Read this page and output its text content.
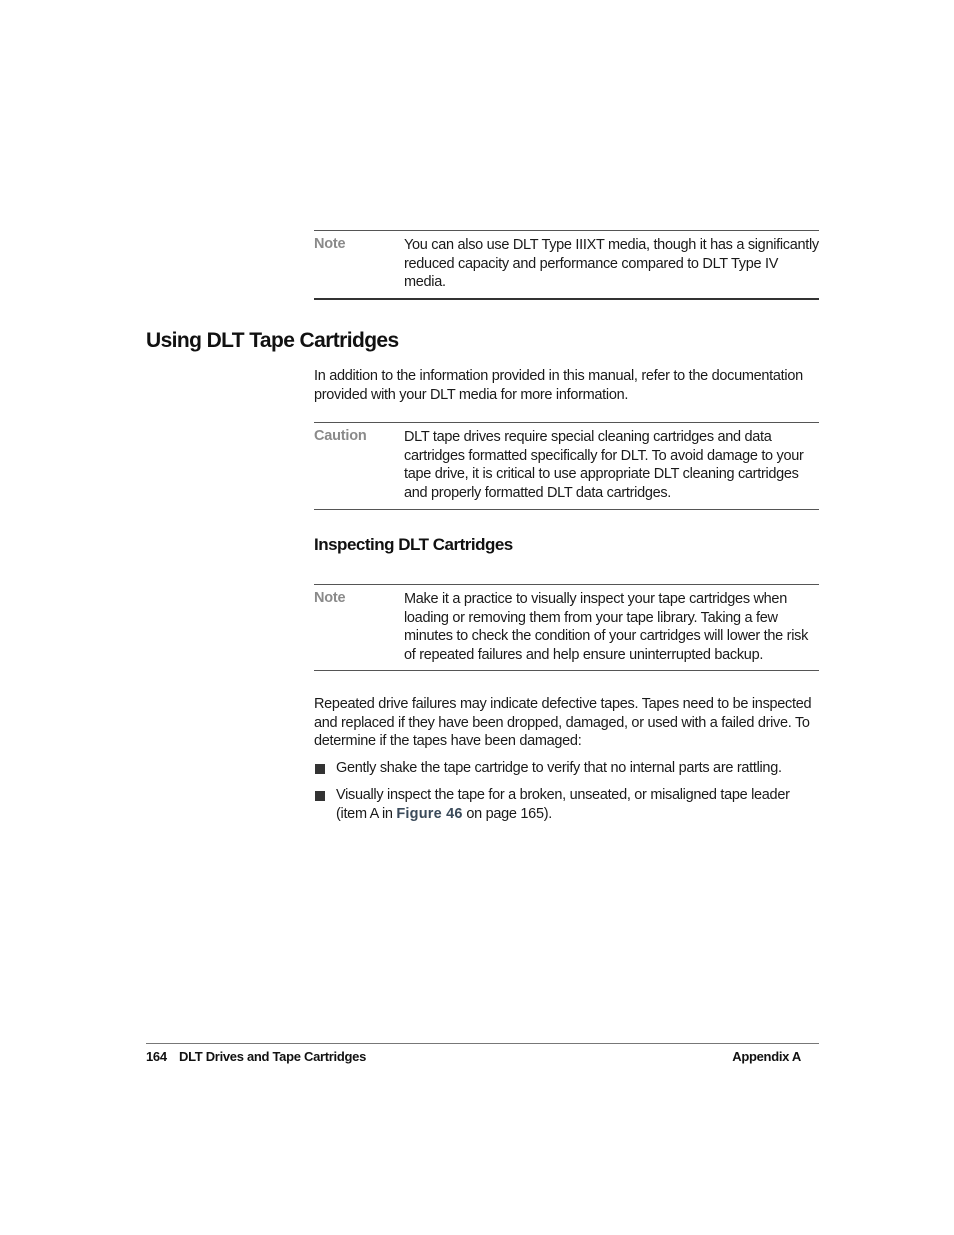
Note	You can also use DLT Type IIIXT media, though it has a significantly reduced capacity and performance compared to DLT Type IV media.
Using DLT Tape Cartridges
In addition to the information provided in this manual, refer to the documentation provided with your DLT media for more information.
Caution	DLT tape drives require special cleaning cartridges and data cartridges formatted specifically for DLT. To avoid damage to your tape drive, it is critical to use appropriate DLT cleaning cartridges and properly formatted DLT data cartridges.
Inspecting DLT Cartridges
Note	Make it a practice to visually inspect your tape cartridges when loading or removing them from your tape library. Taking a few minutes to check the condition of your cartridges will lower the risk of repeated failures and help ensure uninterrupted backup.
Repeated drive failures may indicate defective tapes. Tapes need to be inspected and replaced if they have been dropped, damaged, or used with a failed drive. To determine if the tapes have been damaged:
Gently shake the tape cartridge to verify that no internal parts are rattling.
Visually inspect the tape for a broken, unseated, or misaligned tape leader (item A in Figure 46 on page 165).
164 DLT Drives and Tape Cartridges	Appendix A
